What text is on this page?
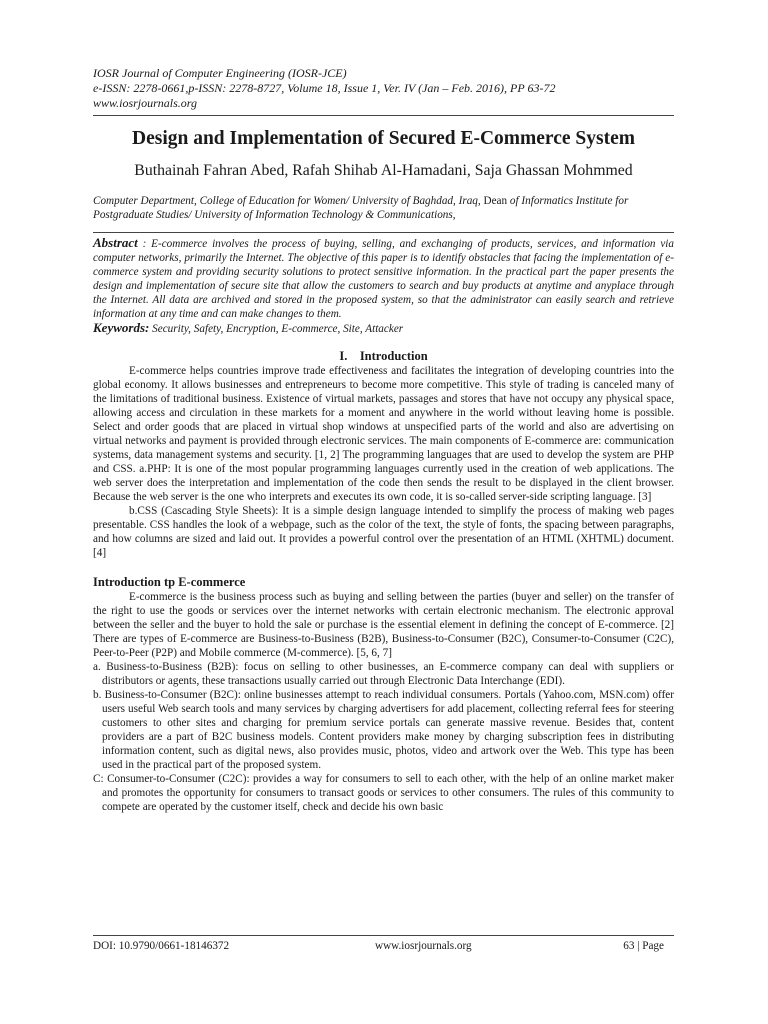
IOSR Journal of Computer Engineering (IOSR-JCE)
e-ISSN: 2278-0661,p-ISSN: 2278-8727, Volume 18, Issue 1, Ver. IV (Jan – Feb. 2016), PP 63-72
www.iosrjournals.org
Design and Implementation of Secured E-Commerce System
Buthainah Fahran Abed, Rafah Shihab Al-Hamadani, Saja Ghassan Mohmmed
Computer Department, College of Education for Women/ University of Baghdad, Iraq, Dean of Informatics Institute for Postgraduate Studies/ University of Information Technology & Communications,
Abstract : E-commerce involves the process of buying, selling, and exchanging of products, services, and information via computer networks, primarily the Internet. The objective of this paper is to identify obstacles that facing the implementation of e-commerce system and providing security solutions to protect sensitive information. In the practical part the paper presents the design and implementation of secure site that allow the customers to search and buy products at anytime and anyplace through the Internet. All data are archived and stored in the proposed system, so that the administrator can easily search and retrieve information at any time and can make changes to them.
Keywords: Security, Safety, Encryption, E-commerce, Site, Attacker
I.    Introduction

E-commerce helps countries improve trade effectiveness and facilitates the integration of developing countries into the global economy. It allows businesses and entrepreneurs to become more competitive. This style of trading is canceled many of the limitations of traditional business. Existence of virtual markets, passages and stores that have not occupy any physical space, allowing access and circulation in these markets for a moment and anywhere in the world without leaving home is possible. Select and order goods that are placed in virtual shop windows at unspecified parts of the world and also are advertising on virtual networks and payment is provided through electronic services. The main components of E-commerce are: communication systems, data management systems and security. [1, 2] The programming languages that are used to develop the system are PHP and CSS. a.PHP: It is one of the most popular programming languages currently used in the creation of web applications. The web server does the interpretation and implementation of the code then sends the result to be displayed in the client browser. Because the web server is the one who interprets and executes its own code, it is so-called server-side scripting language. [3]

b.CSS (Cascading Style Sheets): It is a simple design language intended to simplify the process of making web pages presentable. CSS handles the look of a webpage, such as the color of the text, the style of fonts, the spacing between paragraphs, and how columns are sized and laid out. It provides a powerful control over the presentation of an HTML (XHTML) document. [4]

Introduction tp E-commerce

E-commerce is the business process such as buying and selling between the parties (buyer and seller) on the transfer of the right to use the goods or services over the internet networks with certain electronic mechanism. The electronic approval between the seller and the buyer to hold the sale or purchase is the essential element in defining the concept of E-commerce. [2] There are types of E-commerce are Business-to-Business (B2B), Business-to-Consumer (B2C), Consumer-to-Consumer (C2C), Peer-to-Peer (P2P) and Mobile commerce (M-commerce). [5, 6, 7]

a. Business-to-Business (B2B): focus on selling to other businesses, an E-commerce company can deal with suppliers or distributors or agents, these transactions usually carried out through Electronic Data Interchange (EDI).
b. Business-to-Consumer (B2C): online businesses attempt to reach individual consumers. Portals (Yahoo.com, MSN.com) offer users useful Web search tools and many services by charging advertisers for add placement, collecting referral fees for steering customers to other sites and charging for premium service portals can generate massive revenue. Besides that, content providers are a part of B2C business models. Content providers make money by charging subscription fees in distributing information content, such as digital news, also provides music, photos, video and artwork over the Web. This type has been used in the practical part of the proposed system.
C: Consumer-to-Consumer (C2C): provides a way for consumers to sell to each other, with the help of an online market maker and promotes the opportunity for consumers to transact goods or services to other consumers. The rules of this community to compete are operated by the customer itself, check and decide his own basic
DOI: 10.9790/0661-18146372	www.iosrjournals.org	63 | Page
